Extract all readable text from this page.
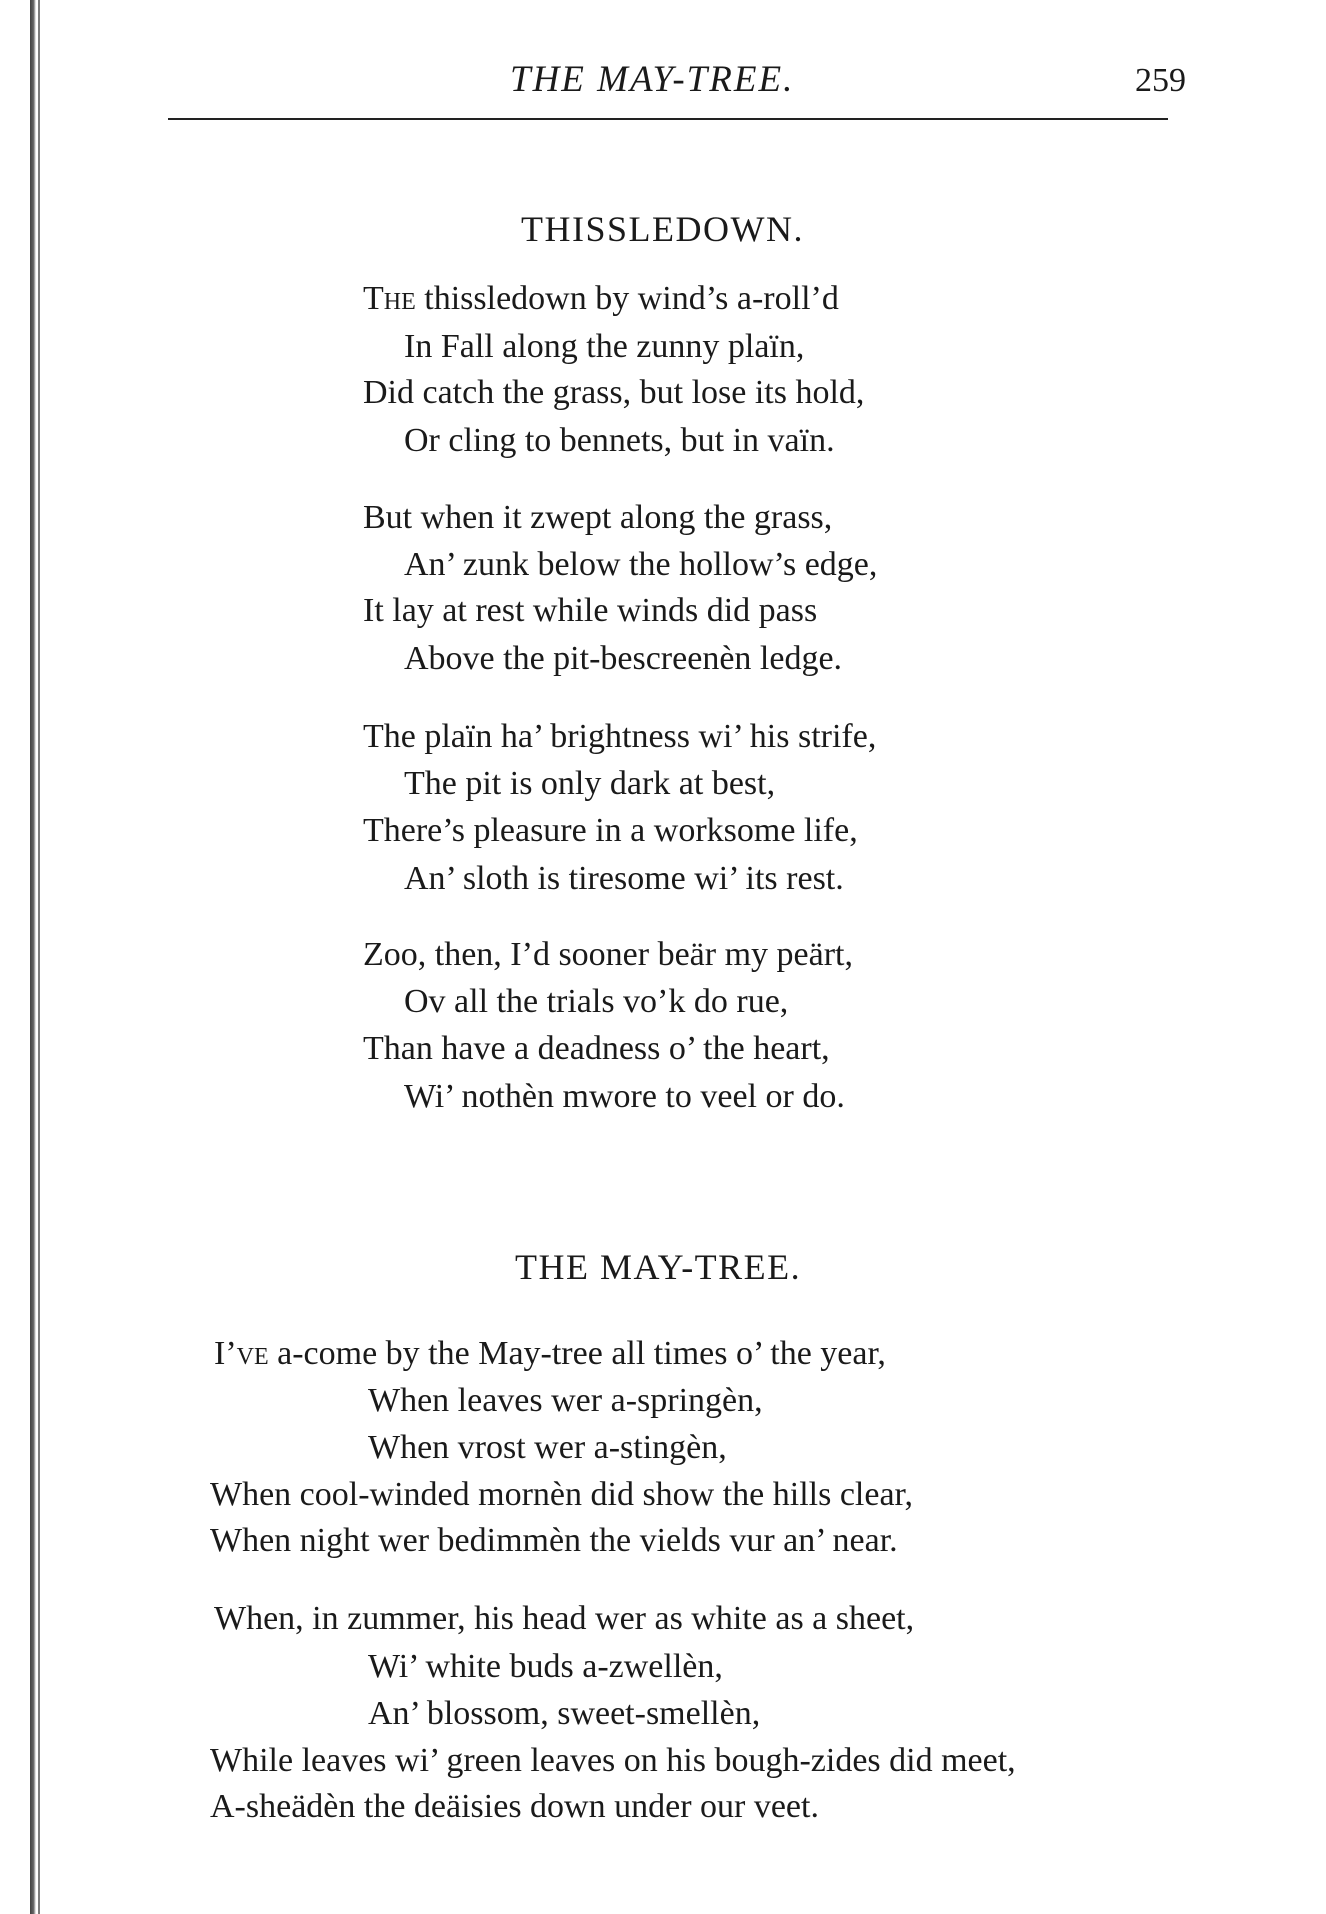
THE MAY-TREE.	259
THISSLEDOWN.
The thissledown by wind’s a-roll’d
In Fall along the zunny plaïn,
Did catch the grass, but lose its hold,
Or cling to bennets, but in vaïn.
But when it zwept along the grass,
An’ zunk below the hollow’s edge,
It lay at rest while winds did pass
Above the pit-bescreenèn ledge.
The plaïn ha’ brightness wi’ his strife,
The pit is only dark at best,
There’s pleasure in a worksome life,
An’ sloth is tiresome wi’ its rest.
Zoo, then, I’d sooner beär my peärt,
Ov all the trials vo’k do rue,
Than have a deadness o’ the heart,
Wi’ nothèn mwore to veel or do.
THE MAY-TREE.
I’ve a-come by the May-tree all times o’ the year,
When leaves wer a-springèn,
When vrost wer a-stingèn,
When cool-winded mornèn did show the hills clear,
When night wer bedimmèn the vields vur an’ near.
When, in zummer, his head wer as white as a sheet,
Wi’ white buds a-zwellèn,
An’ blossom, sweet-smellèn,
While leaves wi’ green leaves on his bough-zides did meet,
A-sheädèn the deäisies down under our veet.
